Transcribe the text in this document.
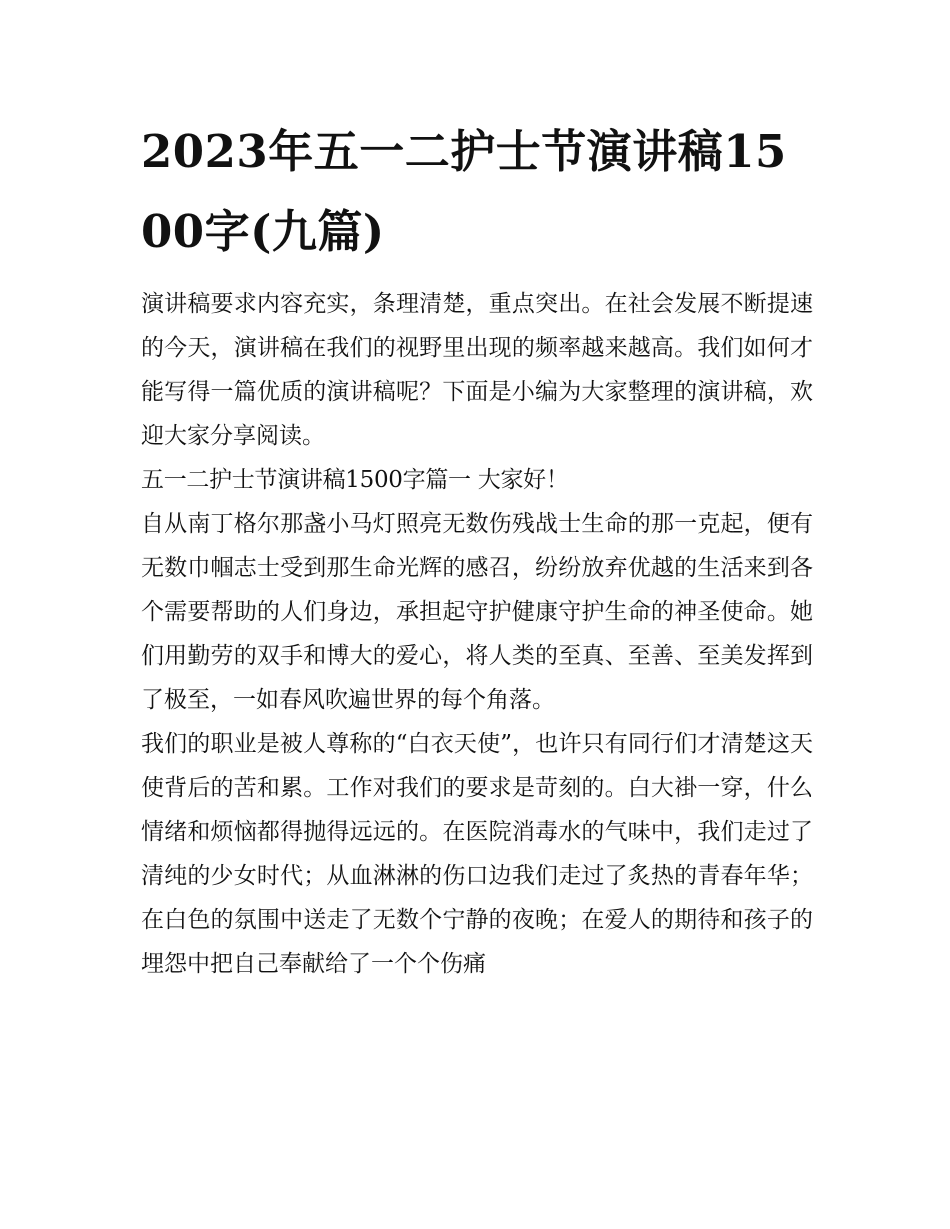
2023年五一二护士节演讲稿1500字(九篇)

演讲稿要求内容充实，条理清楚，重点突出。在社会发展不断提速的今天，演讲稿在我们的视野里出现的频率越来越高。我们如何才能写得一篇优质的演讲稿呢？下面是小编为大家整理的演讲稿，欢迎大家分享阅读。

五一二护士节演讲稿1500字篇一 大家好！

自从南丁格尔那盏小马灯照亮无数伤残战士生命的那一克起，便有无数巾帼志士受到那生命光辉的感召，纷纷放弃优越的生活来到各个需要帮助的人们身边，承担起守护健康守护生命的神圣使命。她们用勤劳的双手和博大的爱心，将人类的至真、至善、至美发挥到了极至，一如春风吹遍世界的每个角落。

我们的职业是被人尊称的“白衣天使”，也许只有同行们才清楚这天使背后的苦和累。工作对我们的要求是苛刻的。白大褂一穿，什么情绪和烦恼都得抛得远远的。在医院消毒水的气味中，我们走过了清纯的少女时代；从血淋淋的伤口边我们走过了炙热的青春年华；在白色的氛围中送走了无数个宁静的夜晚；在爱人的期待和孩子的埋怨中把自己奉献给了一个个伤痛
